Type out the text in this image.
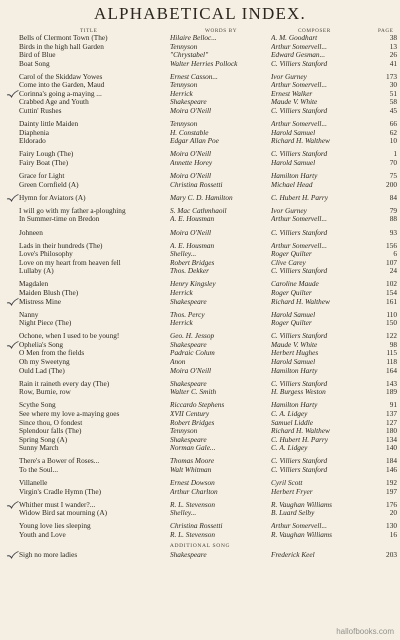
ALPHABETICAL INDEX.
TITLE	WORDS BY	COMPOSER	PAGE
Bells of Clermont Town (The)	Hilaire Belloc...	A. M. Goodhart	38
Birds in the high hall Garden	Tennyson	Arthur Somervell...	13
Bird of Blue	"Chrystabel"	Edward Gesman...	26
Boat Song	Walter Herries Pollock	C. Villiers Stanford	41
Carol of the Skiddaw Yowes	Ernest Casson...	Ivor Gurney	173
Come into the Garden, Maud	Tennyson	Arthur Somervell...	30
Corinna's going a-maying ...	Herrick	Ernest Walker	51
Crabbed Age and Youth	Shakespeare	Maude V. White	58
Cuttin' Rushes	Moira O'Neill	C. Villiers Stanford	45
Dainty little Maiden	Tennyson	Arthur Somervell...	66
Diaphenia	H. Constable	Harold Samuel	62
Eldorado	Edgar Allan Poe	Richard H. Walthew	10
Fairy Lough (The)	Moira O'Neill	C. Villiers Stanford	1
Fairy Boat (The)	Annette Horey	Harold Samuel	70
Grace for Light	Moira O'Neill	Hamilton Harty	75
Green Cornfield (A)	Christina Rossetti	Michael Head	200
Hymn for Aviators (A)	Mary C. D. Hamilton	C. Hubert H. Parry	84
I will go with my father a-ploughing	S. Mac Cathmhaoil	Ivor Gurney	79
In Summer-time on Bredon	A. E. Housman	Arthur Somervell...	88
Johneen	Moira O'Neill	C. Villiers Stanford	93
Lads in their hundreds (The)	A. E. Housman	Arthur Somervell...	156
Love's Philosophy	Shelley...	Roger Quilter	6
Love on my heart from heaven fell	Robert Bridges	Clive Carey	107
Lullaby (A)	Thos. Dekker	C. Villiers Stanford	24
Magdalen	Henry Kingsley	Caroline Maude	102
Maiden Blush (The)	Herrick	Roger Quilter	154
Mistress Mine	Shakespeare	Richard H. Walthew	161
Nanny	Thos. Percy	Harold Samuel	110
Night Piece (The)	Herrick	Roger Quilter	150
Ochone, when I used to be young!	Geo. H. Jessop	C. Villiers Stanford	122
Ophelia's Song	Shakespeare	Maude V. White	98
O Men from the fields	Padraic Colum	Herbert Hughes	115
Oh my Sweetyng	Anon	Harold Samuel	118
Ould Lad (The)	Moira O'Neill	Hamilton Harty	164
Rain it raineth every day (The)	Shakespeare	C. Villiers Stanford	143
Row, Burnie, row	Walter C. Smith	H. Burgess Weston	189
Scythe Song	Riccardo Stephens	Hamilton Harty	91
See where my love a-maying goes	XVII Century	C. A. Lidgey	137
Since thou, O fondest	Robert Bridges	Samuel Liddle	127
Splendour falls (The)	Tennyson	Richard H. Walthew	180
Spring Song (A)	Shakespeare	C. Hubert H. Parry	134
Sunny March	Norman Gale...	C. A. Lidgey	140
There's a Bower of Roses...	Thomas Moore	C. Villiers Stanford	184
To the Soul...	Walt Whitman	C. Villiers Stanford	146
Villanelle	Ernest Dowson	Cyril Scott	192
Virgin's Cradle Hymn (The)	Arthur Charlton	Herbert Fryer	197
Whither must I wander?...	R. L. Stevenson	R. Vaughan Williams	176
Widow Bird sat mourning (A)	Shelley...	B. Luard Selby	20
Young love lies sleeping	Christina Rossetti	Arthur Somervell...	130
Youth and Love	R. L. Stevenson	R. Vaughan Williams	16
ADDITIONAL SONG
Sigh no more ladies	Shakespeare	Frederick Keel	203
hallofbooks.com
